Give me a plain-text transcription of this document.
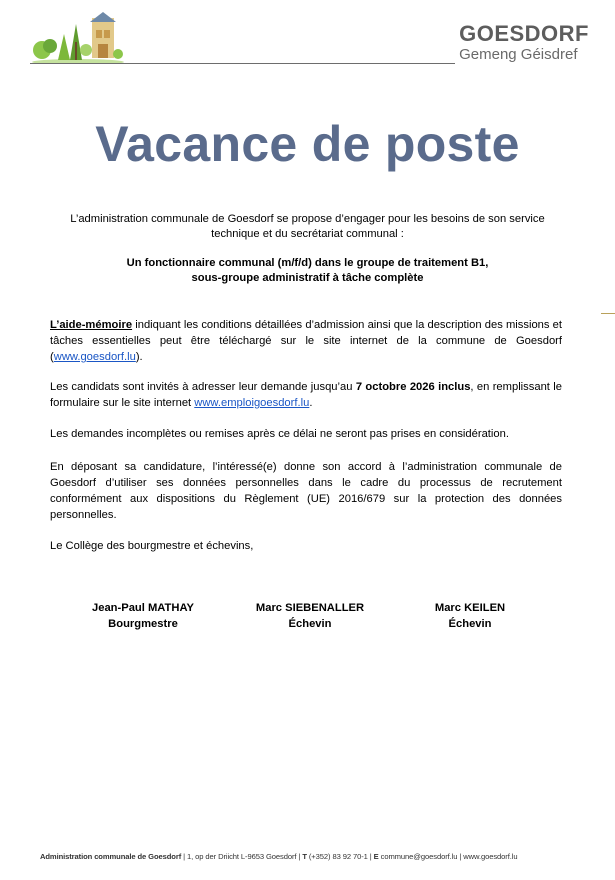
GOESDORF
Gemeng Géisdref
Vacance de poste
L’administration communale de Goesdorf se propose d’engager pour les besoins de son service technique et du secrétariat communal :
Un fonctionnaire communal (m/f/d) dans le groupe de traitement B1,
sous-groupe administratif à tâche complète
L’aide-mémoire indiquant les conditions détaillées d’admission ainsi que la description des missions et tâches essentielles peut être téléchargé sur le site internet de la commune de Goesdorf (www.goesdorf.lu).
Les candidats sont invités à adresser leur demande jusqu’au 7 octobre 2026 inclus, en remplissant le formulaire sur le site internet www.emploigoesdorf.lu.
Les demandes incomplètes ou remises après ce délai ne seront pas prises en considération.
En déposant sa candidature, l’intéressé(e) donne son accord à l’administration communale de Goesdorf d’utiliser ses données personnelles dans le cadre du processus de recrutement conformément aux dispositions du Règlement (UE) 2016/679 sur la protection des données personnelles.
Le Collège des bourgmestre et échevins,
Jean-Paul MATHAY
Bourgmestre
Marc SIEBENALLER
Échevin
Marc KEILEN
Échevin
Administration communale de Goesdorf | 1, op der Driicht L-9653 Goesdorf | T (+352) 83 92 70-1 | E commune@goesdorf.lu | www.goesdorf.lu
